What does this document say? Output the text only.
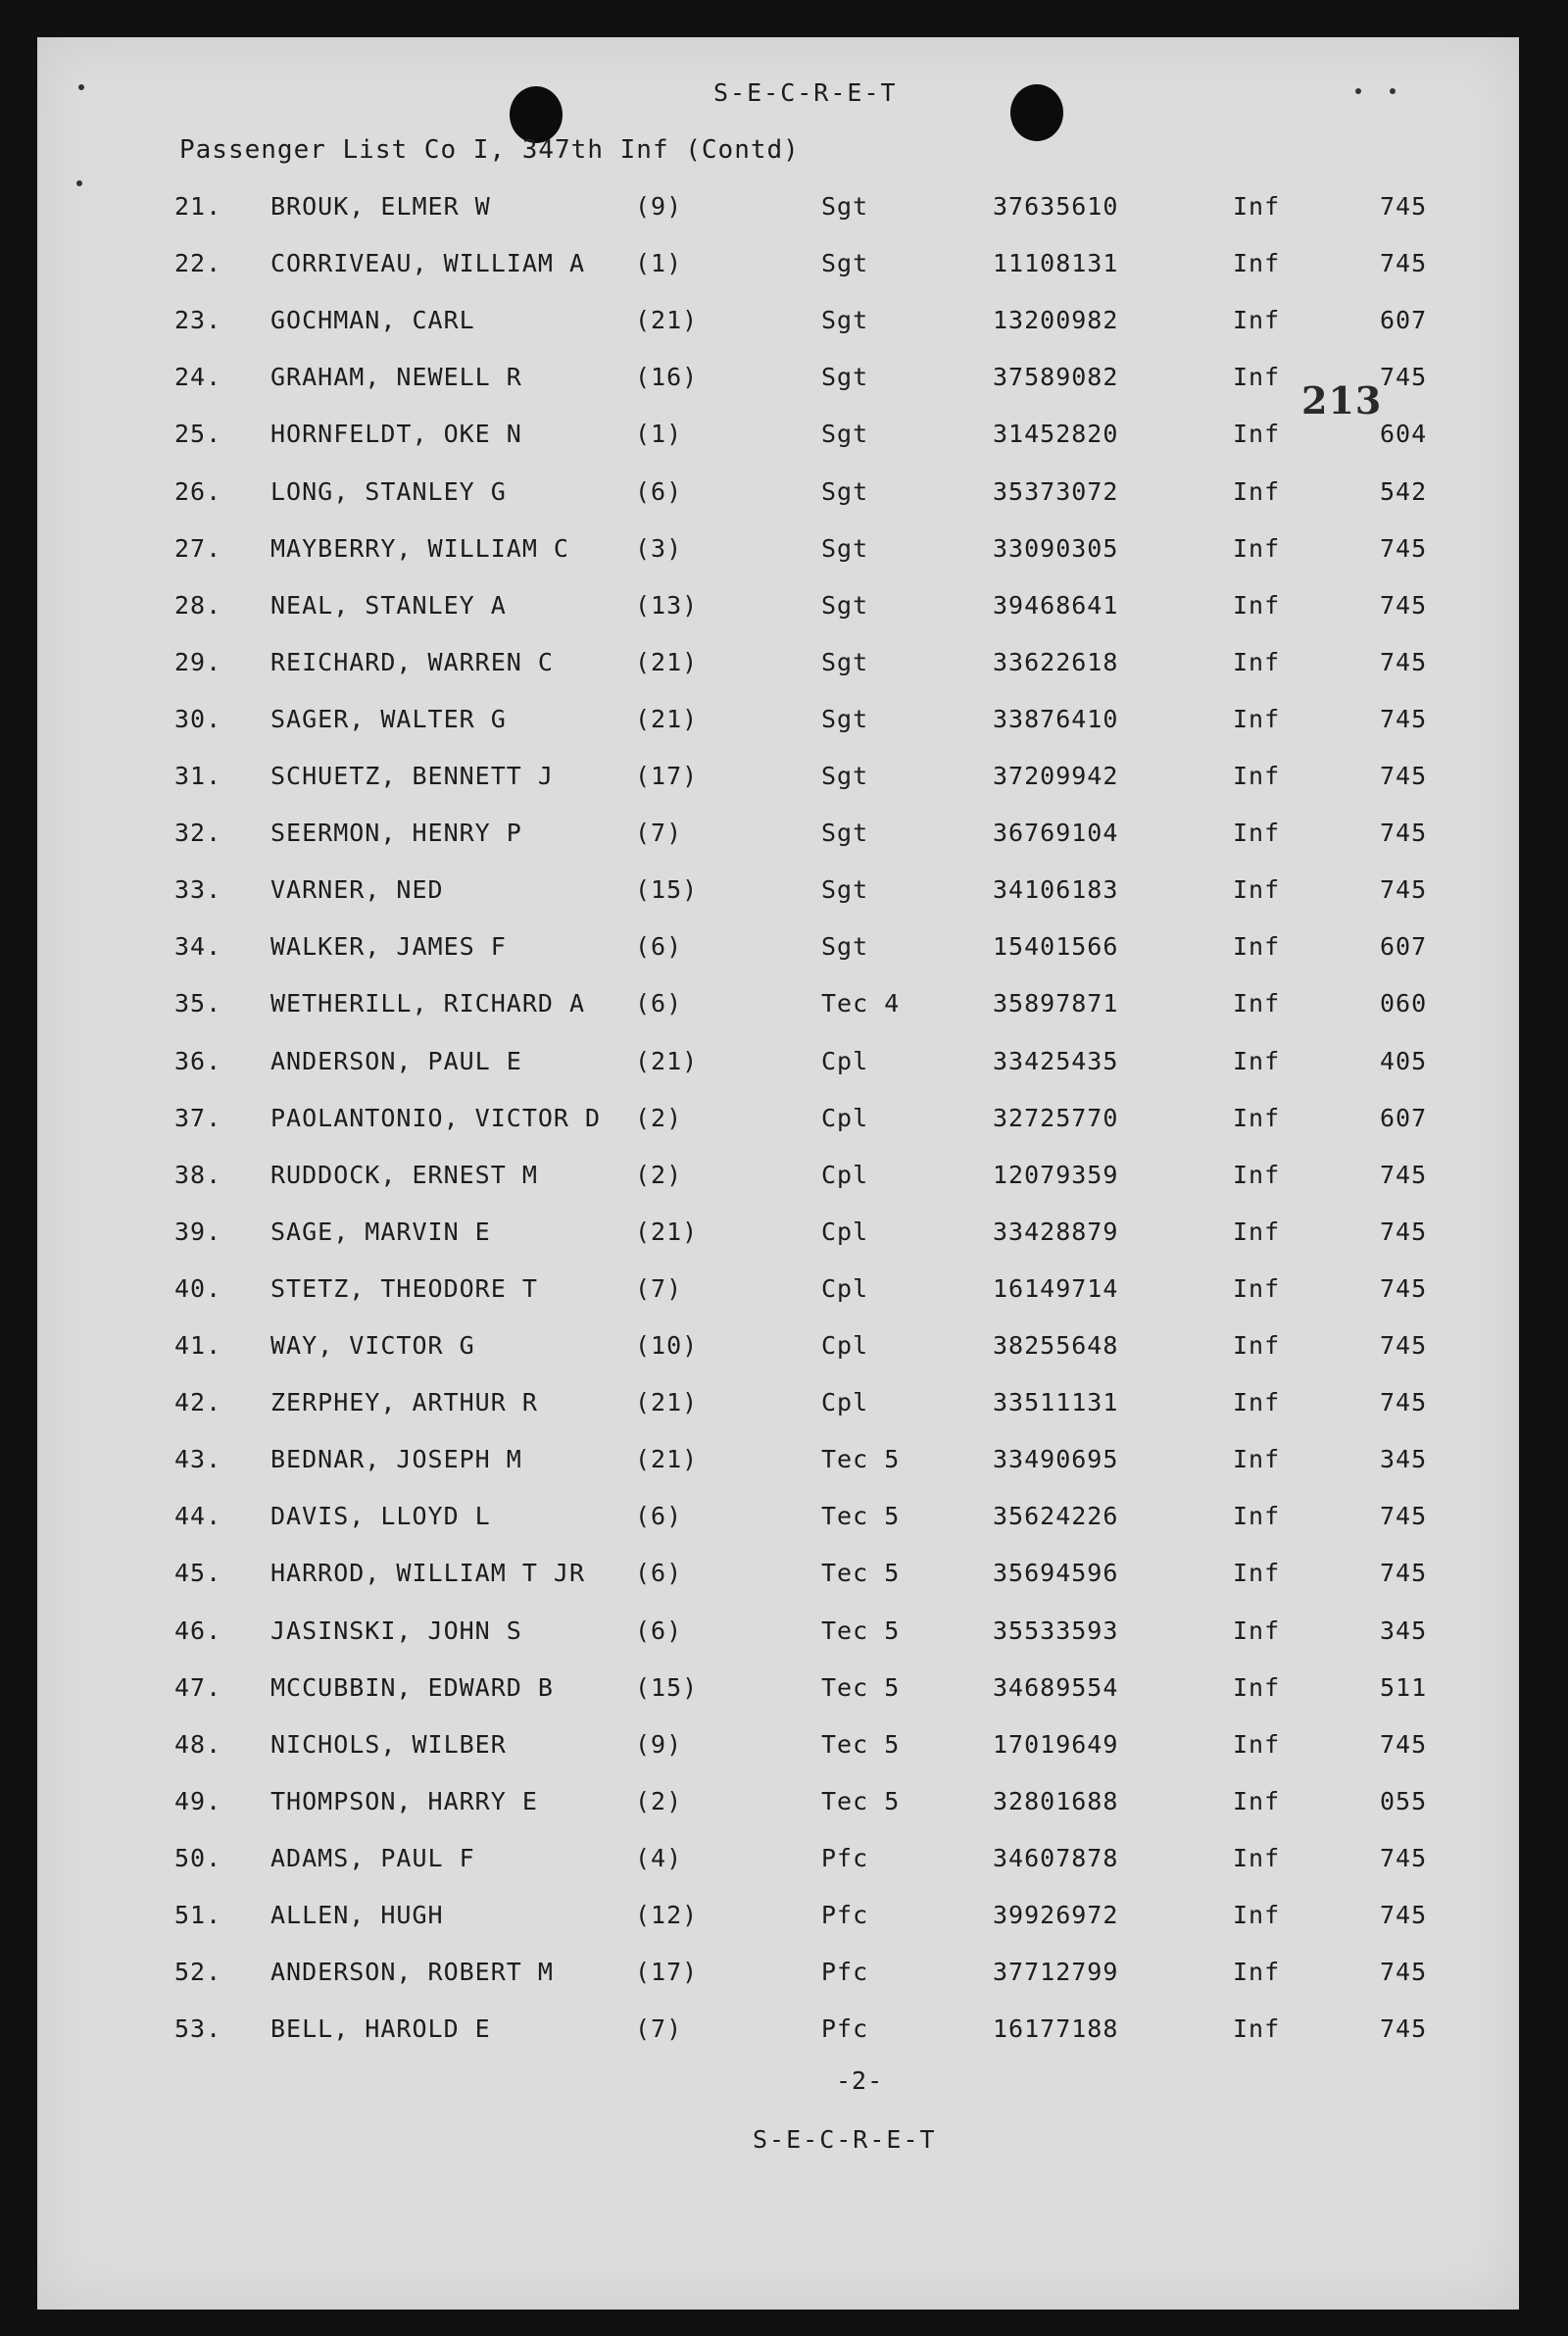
S-E-C-R-E-T
Passenger List Co I, 347th Inf (Contd)
213
21. BROUK, ELMER W	(9)	Sgt	37635610	Inf	745
22. CORRIVEAU, WILLIAM A (1)	Sgt	11108131	Inf	745
23. GOCHMAN, CARL	(21)	Sgt	13200982	Inf	607
24. GRAHAM, NEWELL R	(16)	Sgt	37589082	Inf	745
25. HORNFELDT, OKE N	(1)	Sgt	31452820	Inf	604
26. LONG, STANLEY G	(6)	Sgt	35373072	Inf	542
27. MAYBERRY, WILLIAM C	(3)	Sgt	33090305	Inf	745
28. NEAL, STANLEY A	(13)	Sgt	39468641	Inf	745
29. REICHARD, WARREN C	(21)	Sgt	33622618	Inf	745
30. SAGER, WALTER G	(21)	Sgt	33876410	Inf	745
31. SCHUETZ, BENNETT J	(17)	Sgt	37209942	Inf	745
32. SEERMON, HENRY P	(7)	Sgt	36769104	Inf	745
33. VARNER, NED	(15)	Sgt	34106183	Inf	745
34. WALKER, JAMES F	(6)	Sgt	15401566	Inf	607
35. WETHERILL, RICHARD A (6)	Tec 4	35897871	Inf	060
36. ANDERSON, PAUL E	(21)	Cpl	33425435	Inf	405
37. PAOLANTONIO, VICTOR D (2)	Cpl	32725770	Inf	607
38. RUDDOCK, ERNEST M	(2)	Cpl	12079359	Inf	745
39. SAGE, MARVIN E	(21)	Cpl	33428879	Inf	745
40. STETZ, THEODORE T	(7)	Cpl	16149714	Inf	745
41. WAY, VICTOR G	(10)	Cpl	38255648	Inf	745
42. ZERPHEY, ARTHUR R	(21)	Cpl	33511131	Inf	745
43. BEDNAR, JOSEPH M	(21)	Tec 5	33490695	Inf	345
44. DAVIS, LLOYD L	(6)	Tec 5	35624226	Inf	745
45. HARROD, WILLIAM T JR (6)	Tec 5	35694596	Inf	745
46. JASINSKI, JOHN S	(6)	Tec 5	35533593	Inf	345
47. MCCUBBIN, EDWARD B	(15)	Tec 5	34689554	Inf	511
48. NICHOLS, WILBER	(9)	Tec 5	17019649	Inf	745
49. THOMPSON, HARRY E	(2)	Tec 5	32801688	Inf	055
50. ADAMS, PAUL F	(4)	Pfc	34607878	Inf	745
51. ALLEN, HUGH	(12)	Pfc	39926972	Inf	745
52. ANDERSON, ROBERT M	(17)	Pfc	37712799	Inf	745
53. BELL, HAROLD E	(7)	Pfc	16177188	Inf	745
-2-
S-E-C-R-E-T
